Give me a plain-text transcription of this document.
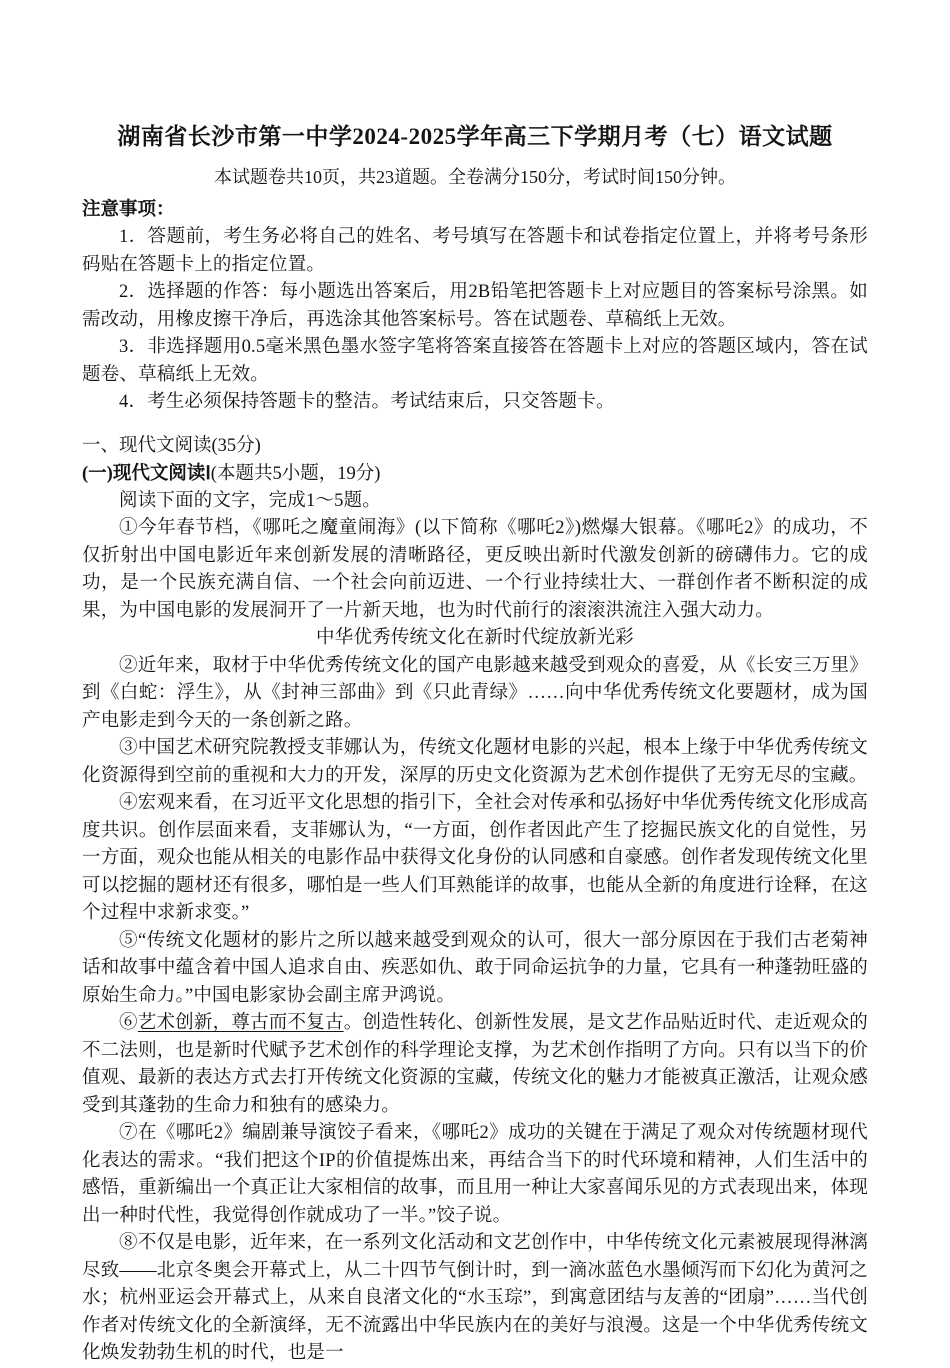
湖南省长沙市第一中学2024-2025学年高三下学期月考（七）语文试题
本试题卷共10页，共23道题。全卷满分150分，考试时间150分钟。
注意事项：

1．答题前，考生务必将自己的姓名、考号填写在答题卡和试卷指定位置上，并将考号条形码贴在答题卡上的指定位置。

2．选择题的作答：每小题选出答案后，用2B铅笔把答题卡上对应题目的答案标号涂黑。如需改动，用橡皮擦干净后，再选涂其他答案标号。答在试题卷、草稿纸上无效。

3．非选择题用0.5毫米黑色墨水签字笔将答案直接答在答题卡上对应的答题区域内，答在试题卷、草稿纸上无效。

4．考生必须保持答题卡的整洁。考试结束后，只交答题卡。

一、现代文阅读(35分)
(一)现代文阅读Ⅰ(本题共5小题，19分)

阅读下面的文字，完成1～5题。

①今年春节档，《哪吒之魔童闹海》(以下简称《哪吒2》)燃爆大银幕。《哪吒2》的成功，不仅折射出中国电影近年来创新发展的清晰路径，更反映出新时代激发创新的磅礴伟力。它的成功，是一个民族充满自信、一个社会向前迈进、一个行业持续壮大、一群创作者不断积淀的成果，为中国电影的发展洞开了一片新天地，也为时代前行的滚滚洪流注入强大动力。

中华优秀传统文化在新时代绽放新光彩

②近年来，取材于中华优秀传统文化的国产电影越来越受到观众的喜爱，从《长安三万里》到《白蛇：浮生》，从《封神三部曲》到《只此青绿》……向中华优秀传统文化要题材，成为国产电影走到今天的一条创新之路。

③中国艺术研究院教授支菲娜认为，传统文化题材电影的兴起，根本上缘于中华优秀传统文化资源得到空前的重视和大力的开发，深厚的历史文化资源为艺术创作提供了无穷无尽的宝藏。

④宏观来看，在习近平文化思想的指引下，全社会对传承和弘扬好中华优秀传统文化形成高度共识。创作层面来看，支菲娜认为，“一方面，创作者因此产生了挖掘民族文化的自觉性，另一方面，观众也能从相关的电影作品中获得文化身份的认同感和自豪感。创作者发现传统文化里可以挖掘的题材还有很多，哪怕是一些人们耳熟能详的故事，也能从全新的角度进行诠释，在这个过程中求新求变。”

⑤“传统文化题材的影片之所以越来越受到观众的认可，很大一部分原因在于我们古老菊神话和故事中蕴含着中国人追求自由、疾恶如仇、敢于同命运抗争的力量，它具有一种蓬勃旺盛的原始生命力。”中国电影家协会副主席尹鸿说。

⑥艺术创新，尊古而不复古。创造性转化、创新性发展，是文艺作品贴近时代、走近观众的不二法则，也是新时代赋予艺术创作的科学理论支撑，为艺术创作指明了方向。只有以当下的价值观、最新的表达方式去打开传统文化资源的宝藏，传统文化的魅力才能被真正激活，让观众感受到其蓬勃的生命力和独有的感染力。

⑦在《哪吒2》编剧兼导演饺子看来，《哪吒2》成功的关键在于满足了观众对传统题材现代化表达的需求。“我们把这个IP的价值提炼出来，再结合当下的时代环境和精神，人们生活中的感悟，重新编出一个真正让大家相信的故事，而且用一种让大家喜闻乐见的方式表现出来，体现出一种时代性，我觉得创作就成功了一半。”饺子说。

⑧不仅是电影，近年来，在一系列文化活动和文艺创作中，中华传统文化元素被展现得淋漓尽致——北京冬奥会开幕式上，从二十四节气倒计时，到一滴冰蓝色水墨倾泻而下幻化为黄河之水；杭州亚运会开幕式上，从来自良渚文化的“水玉琮”，到寓意团结与友善的“团扇”……当代创作者对传统文化的全新演绎，无不流露出中华民族内在的美好与浪漫。这是一个中华优秀传统文化焕发勃勃生机的时代，也是一
